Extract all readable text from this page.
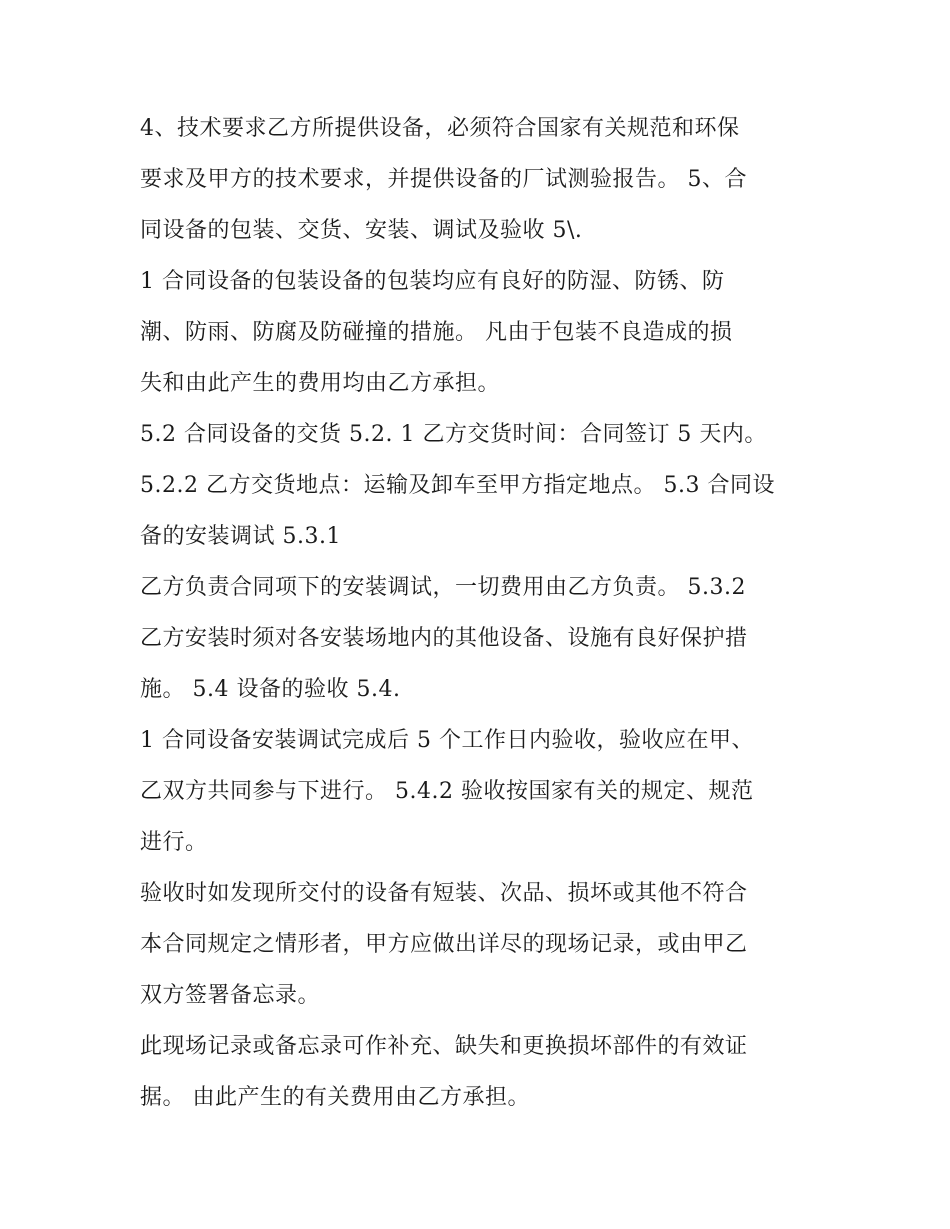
4、技术要求乙方所提供设备，必须符合国家有关规范和环保
要求及甲方的技术要求，并提供设备的厂试测验报告。 5、合
同设备的包装、交货、安装、调试及验收 5\.

1 合同设备的包装设备的包装均应有良好的防湿、防锈、防
潮、防雨、防腐及防碰撞的措施。 凡由于包装不良造成的损
失和由此产生的费用均由乙方承担。

5.2 合同设备的交货 5.2. 1 乙方交货时间：合同签订 5 天内。

5.2.2 乙方交货地点：运输及卸车至甲方指定地点。 5.3 合同设
备的安装调试 5.3.1

乙方负责合同项下的安装调试，一切费用由乙方负责。 5.3.2
乙方安装时须对各安装场地内的其他设备、设施有良好保护措
施。 5.4 设备的验收 5.4.

1 合同设备安装调试完成后 5 个工作日内验收，验收应在甲、
乙双方共同参与下进行。 5.4.2 验收按国家有关的规定、规范
进行。

验收时如发现所交付的设备有短装、次品、损坏或其他不符合
本合同规定之情形者，甲方应做出详尽的现场记录，或由甲乙
双方签署备忘录。

此现场记录或备忘录可作补充、缺失和更换损坏部件的有效证
据。 由此产生的有关费用由乙方承担。
